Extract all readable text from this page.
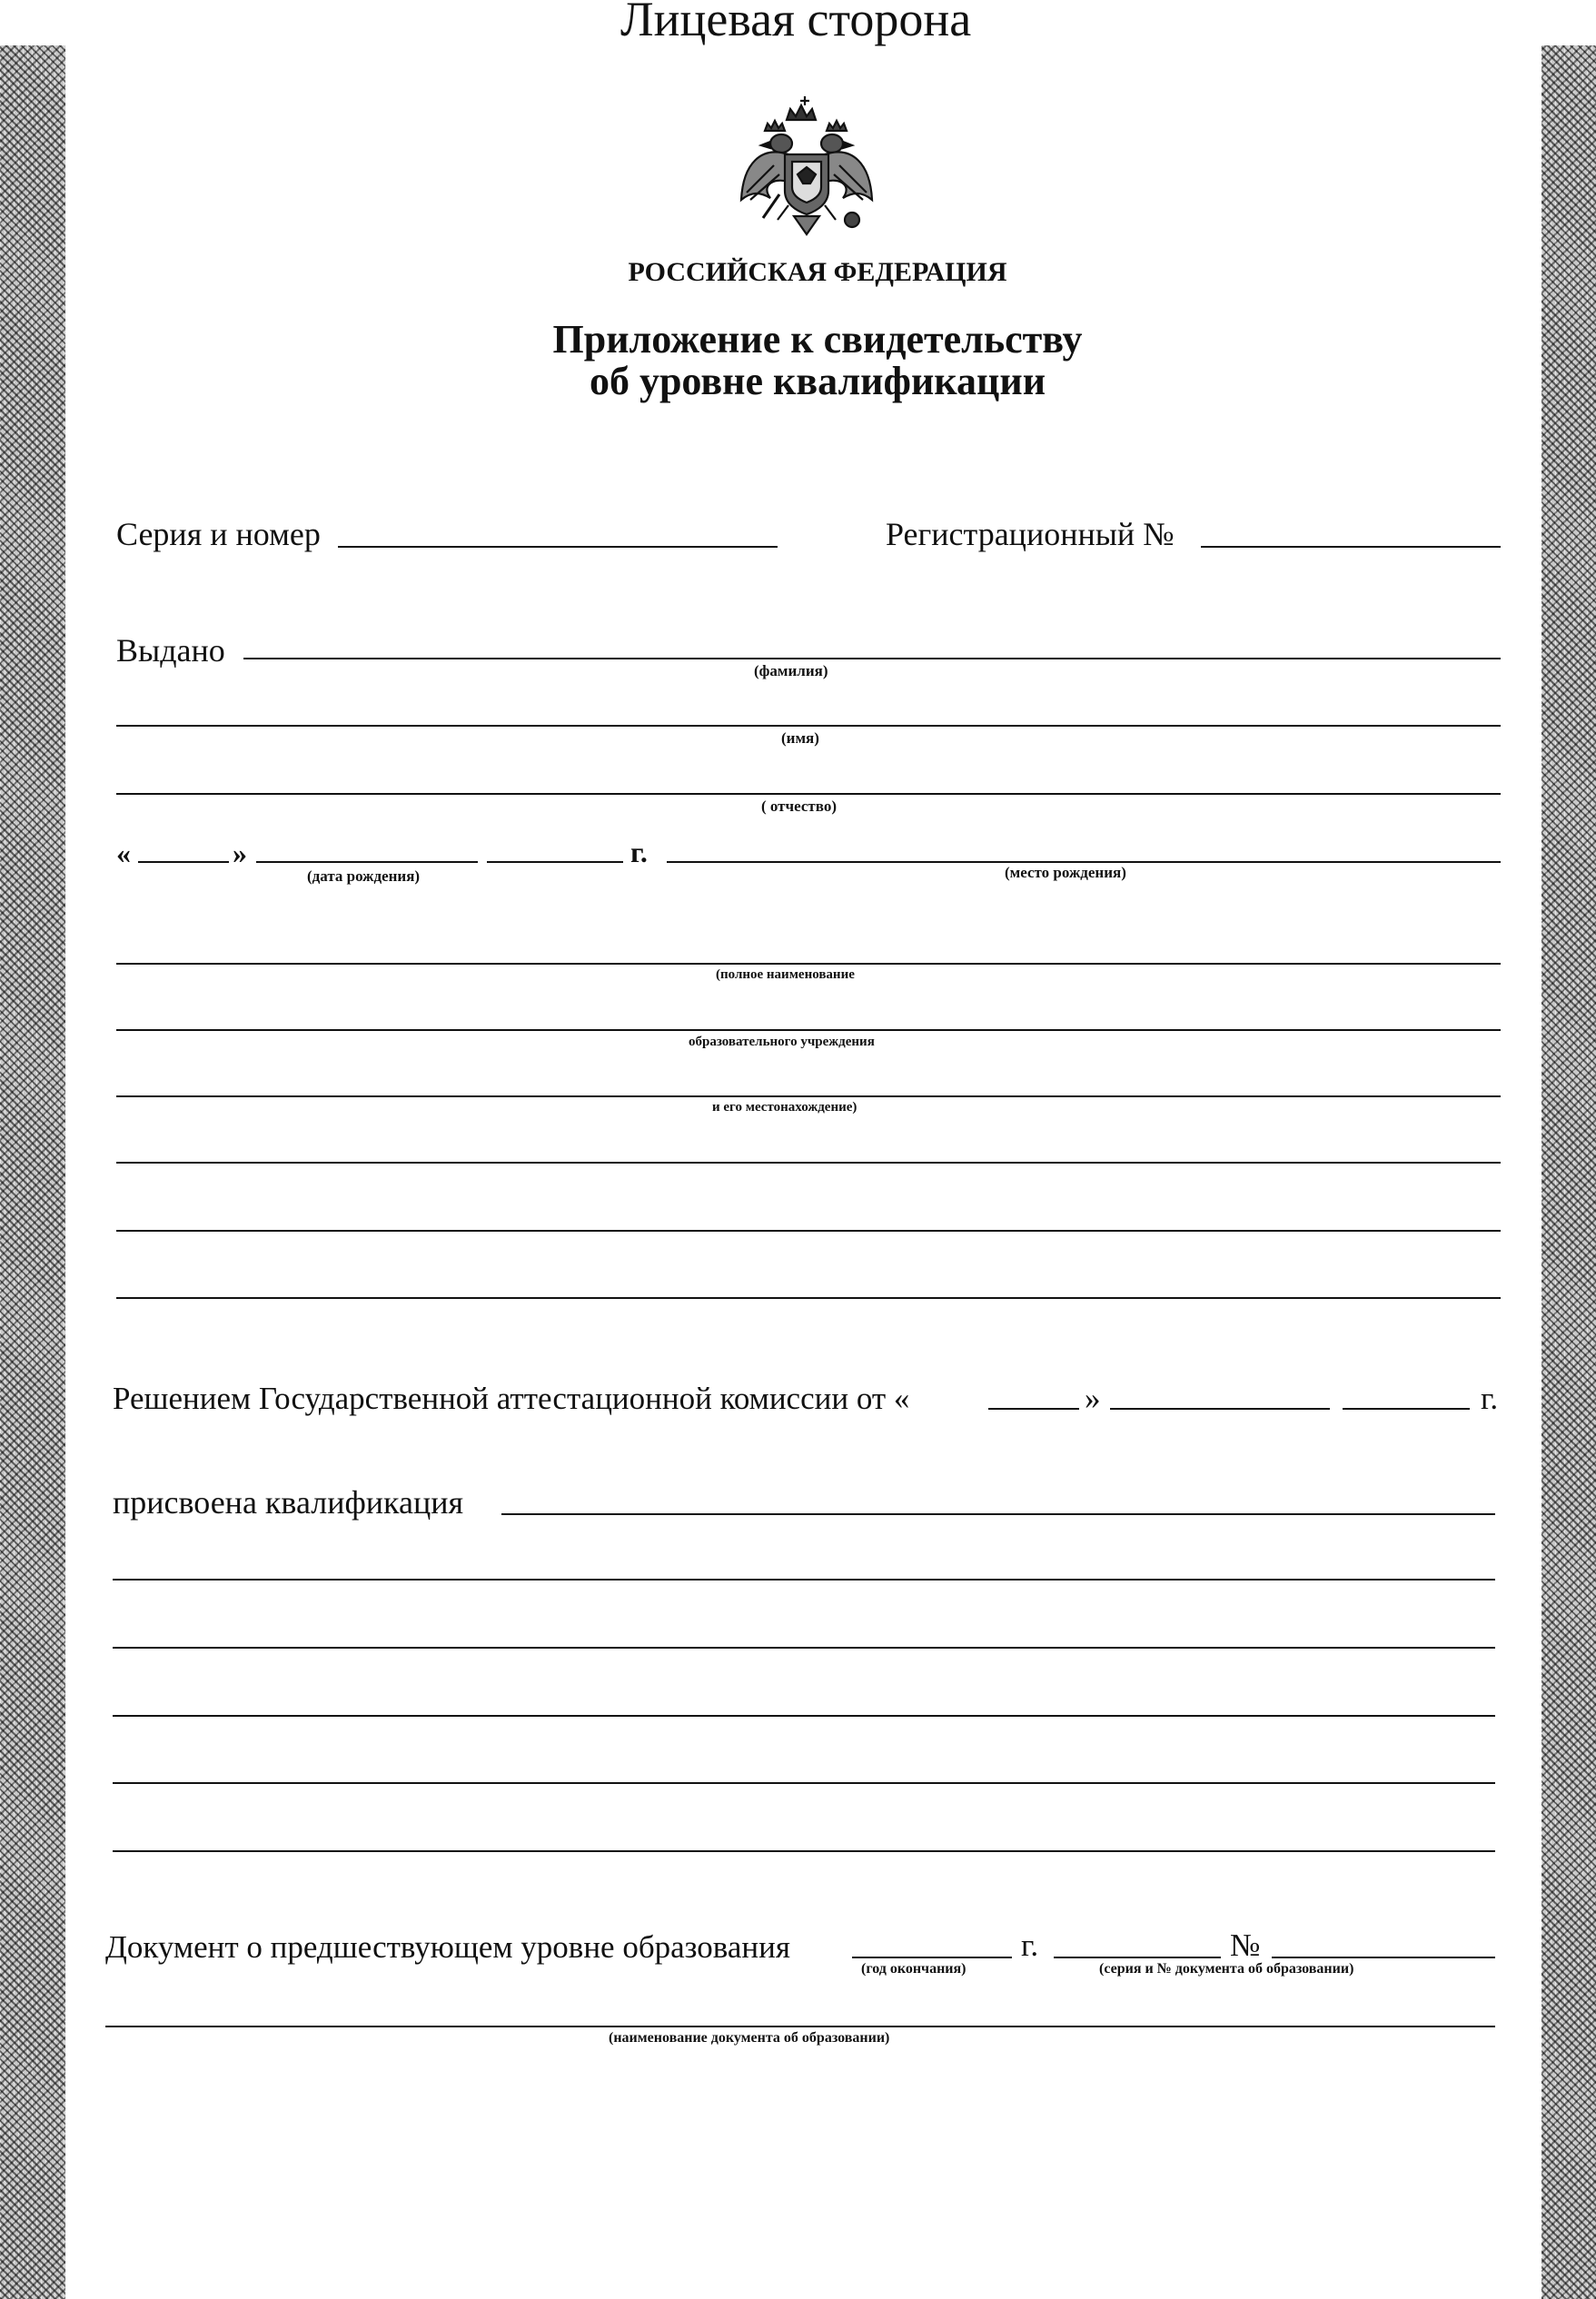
Лицевая сторона
РОССИЙСКАЯ ФЕДЕРАЦИЯ
Приложение к свидетельству
об уровне квалификации
Серия и номер	Регистрационный №
Выдано
(фамилия)
(имя)
( отчество)
«	»	г.
(дата рождения)	(место рождения)
(полное наименование
образовательного учреждения
и его местонахождение)
Решением Государственной аттестационной комиссии от «	»	г.
присвоена квалификация
Документ о предшествующем уровне образования	г.	№
(год окончания)	(серия и № документа об образовании)
(наименование документа об образовании)
